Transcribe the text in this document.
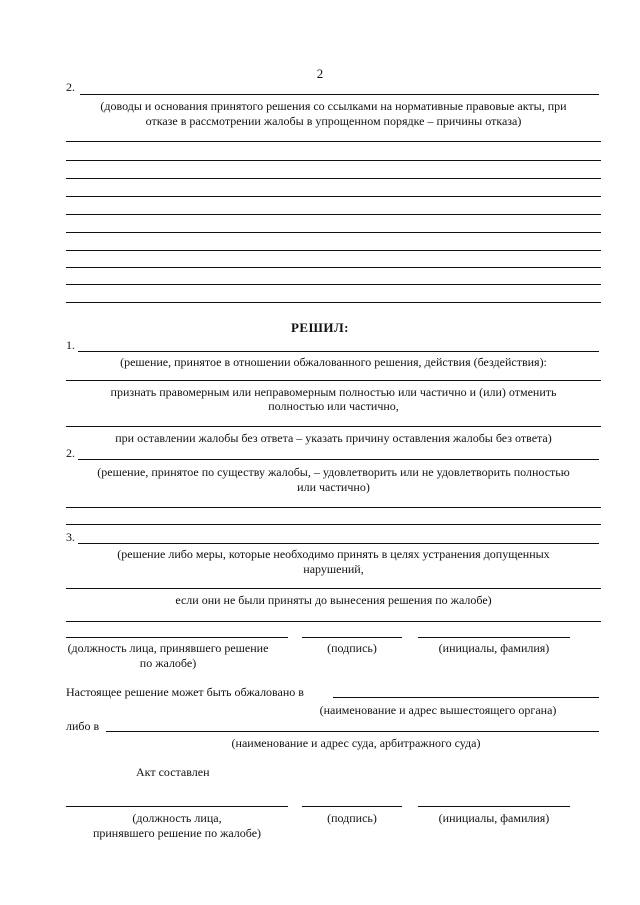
2
2.
(доводы и основания принятого решения со ссылками на нормативные правовые акты, при
отказе в рассмотрении жалобы в упрощенном порядке – причины отказа)
РЕШИЛ:
1.
(решение, принятое в отношении обжалованного решения, действия (бездействия):
признать правомерным или неправомерным полностью или частично и (или) отменить
полностью или частично,
при оставлении жалобы без ответа – указать причину оставления жалобы без ответа)
2.
(решение, принятое по существу жалобы, – удовлетворить или не удовлетворить полностью
или частично)
3.
(решение либо меры, которые необходимо принять в целях устранения допущенных
нарушений,
если они не были приняты до вынесения решения по жалобе)
(должность лица, принявшего решение
по жалобе)
(подпись)	(инициалы, фамилия)
Настоящее решение может быть обжаловано в
(наименование и адрес вышестоящего органа)
либо в
(наименование и адрес суда, арбитражного суда)
Акт составлен
(должность лица,
принявшего решение по жалобе)
(подпись)	(инициалы, фамилия)
